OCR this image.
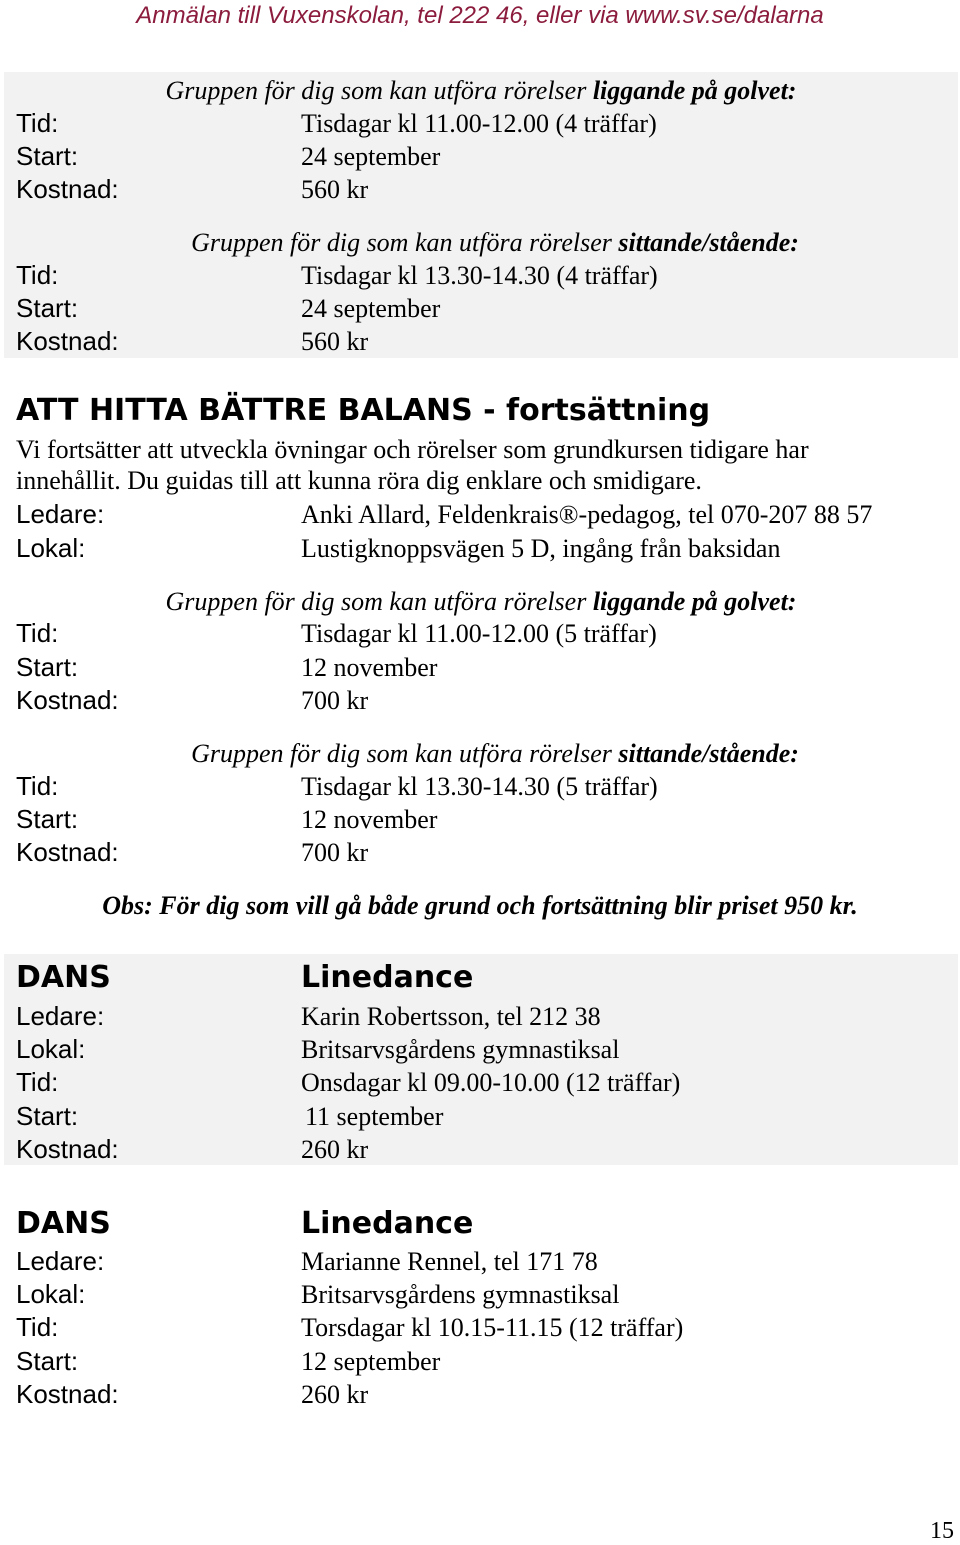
Anmälan till Vuxenskolan, tel 222 46, eller via www.sv.se/dalarna
Gruppen för dig som kan utföra rörelser liggande på golvet:
Tid:	Tisdagar kl 11.00-12.00 (4 träffar)
Start:	24 september
Kostnad:	560 kr
Gruppen för dig som kan utföra rörelser sittande/stående:
Tid:	Tisdagar kl 13.30-14.30 (4 träffar)
Start:	24 september
Kostnad:	560 kr
ATT HITTA BÄTTRE BALANS - fortsättning
Vi fortsätter att utveckla övningar och rörelser som grundkursen tidigare har
innehållit. Du guidas till att kunna röra dig enklare och smidigare.
Ledare:	Anki Allard, Feldenkrais®-pedagog, tel 070-207 88 57
Lokal:	Lustigknoppsvägen 5 D, ingång från baksidan
Gruppen för dig som kan utföra rörelser liggande på golvet:
Tid:	Tisdagar kl 11.00-12.00 (5 träffar)
Start:	12 november
Kostnad:	700 kr
Gruppen för dig som kan utföra rörelser sittande/stående:
Tid:	Tisdagar kl 13.30-14.30 (5 träffar)
Start:	12 november
Kostnad:	700 kr
Obs: För dig som vill gå både grund och fortsättning blir priset 950 kr.
DANS	Linedance
Ledare:	Karin Robertsson, tel 212 38
Lokal:	Britsarvsgårdens gymnastiksal
Tid:	Onsdagar kl 09.00-10.00 (12 träffar)
Start:	11 september
Kostnad:	260 kr
DANS	Linedance
Ledare:	Marianne Rennel, tel 171 78
Lokal:	Britsarvsgårdens gymnastiksal
Tid:	Torsdagar kl 10.15-11.15 (12 träffar)
Start:	12 september
Kostnad:	260 kr
15
